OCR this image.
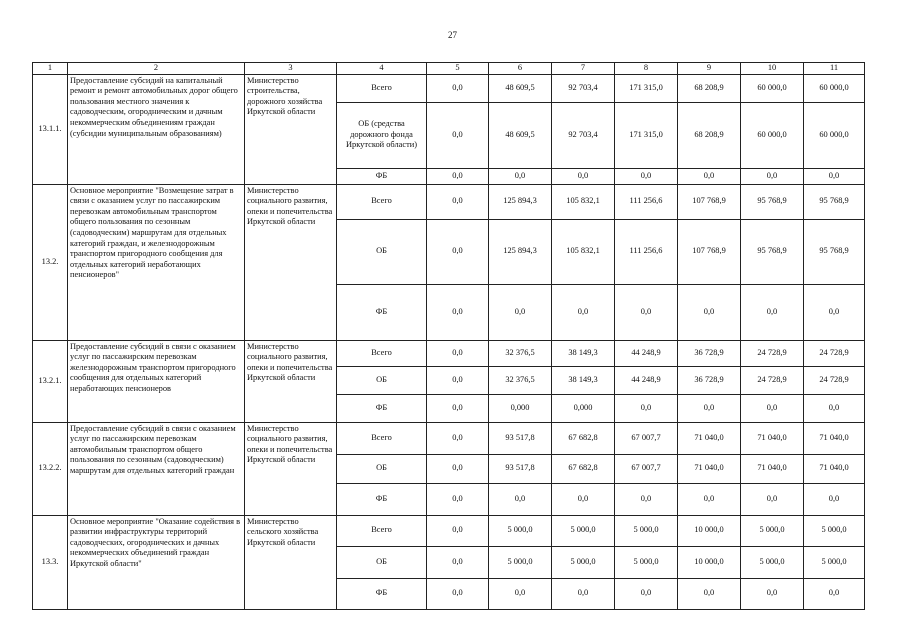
27
1	2	3	4	5	6	7	8	9	10	11
13.1.1.	Предоставление субсидий на капитальный ремонт и ремонт автомобильных дорог общего пользования местного значения к садоводческим, огородническим и дачным некоммерческим объединениям граждан (субсидии муниципальным образованиям)	Министерство строительства, дорожного хозяйства Иркутской области	Всего	0,0	48 609,5	92 703,4	171 315,0	68 208,9	60 000,0	60 000,0
			ОБ (средства дорожного фонда Иркутской области)	0,0	48 609,5	92 703,4	171 315,0	68 208,9	60 000,0	60 000,0
			ФБ	0,0	0,0	0,0	0,0	0,0	0,0	0,0
13.2.	Основное мероприятие "Возмещение затрат в связи с оказанием услуг по пассажирским перевозкам автомобильным транспортом общего пользования по сезонным (садоводческим) маршрутам для отдельных категорий граждан, и железнодорожным транспортом пригородного сообщения для отдельных категорий неработающих пенсионеров"	Министерство социального развития, опеки и попечительства Иркутской области	Всего	0,0	125 894,3	105 832,1	111 256,6	107 768,9	95 768,9	95 768,9
			ОБ	0,0	125 894,3	105 832,1	111 256,6	107 768,9	95 768,9	95 768,9
			ФБ	0,0	0,0	0,0	0,0	0,0	0,0	0,0
13.2.1.	Предоставление субсидий в связи с оказанием услуг по пассажирским перевозкам железнодорожным транспортом пригородного сообщения для отдельных категорий неработающих пенсионеров	Министерство социального развития, опеки и попечительства Иркутской области	Всего	0,0	32 376,5	38 149,3	44 248,9	36 728,9	24 728,9	24 728,9
			ОБ	0,0	32 376,5	38 149,3	44 248,9	36 728,9	24 728,9	24 728,9
			ФБ	0,0	0,000	0,000	0,0	0,0	0,0	0,0
13.2.2.	Предоставление субсидий в связи с оказанием услуг по пассажирским перевозкам автомобильным транспортом общего пользования по сезонным (садоводческим) маршрутам для отдельных категорий граждан	Министерство социального развития, опеки и попечительства Иркутской области	Всего	0,0	93 517,8	67 682,8	67 007,7	71 040,0	71 040,0	71 040,0
			ОБ	0,0	93 517,8	67 682,8	67 007,7	71 040,0	71 040,0	71 040,0
			ФБ	0,0	0,0	0,0	0,0	0,0	0,0	0,0
13.3.	Основное мероприятие "Оказание содействия в развитии инфраструктуры территорий садоводческих, огороднических и дачных некоммерческих объединений граждан Иркутской области"	Министерство сельского хозяйства Иркутской области	Всего	0,0	5 000,0	5 000,0	5 000,0	10 000,0	5 000,0	5 000,0
			ОБ	0,0	5 000,0	5 000,0	5 000,0	10 000,0	5 000,0	5 000,0
			ФБ	0,0	0,0	0,0	0,0	0,0	0,0	0,0
